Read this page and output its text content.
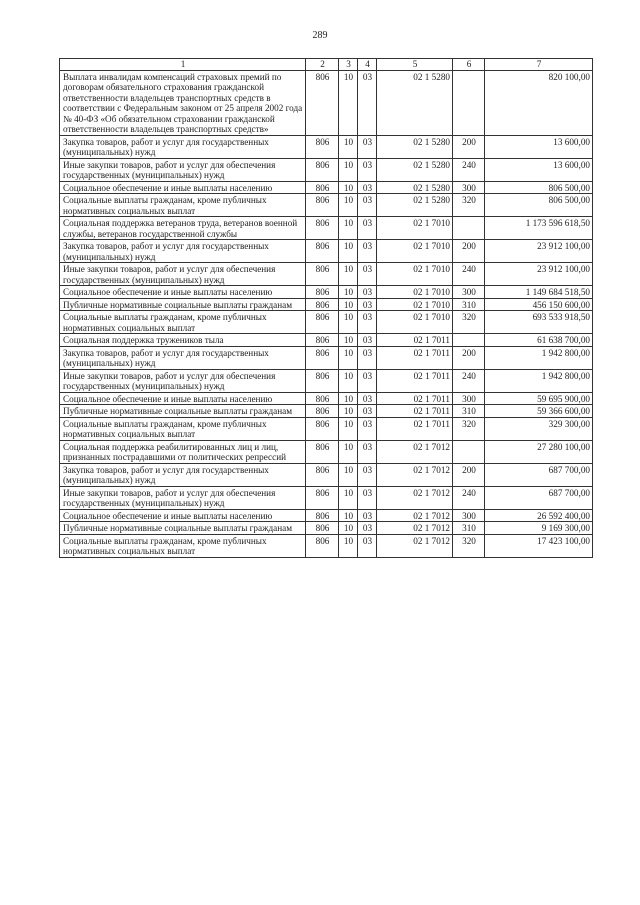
289
1	2	3	4	5	6	7
Выплата инвалидам компенсаций страховых премий по договорам обязательного страхования гражданской ответственности владельцев транспортных средств в соответствии с Федеральным законом от 25 апреля 2002 года № 40-ФЗ «Об обязательном страховании гражданской ответственности владельцев транспортных средств»	806	10	03	02 1 5280		820 100,00
Закупка товаров, работ и услуг для государственных (муниципальных) нужд	806	10	03	02 1 5280	200	13 600,00
Иные закупки товаров, работ и услуг для обеспечения государственных (муниципальных) нужд	806	10	03	02 1 5280	240	13 600,00
Социальное обеспечение и иные выплаты населению	806	10	03	02 1 5280	300	806 500,00
Социальные выплаты гражданам, кроме публичных нормативных социальных выплат	806	10	03	02 1 5280	320	806 500,00
Социальная поддержка ветеранов труда, ветеранов военной службы, ветеранов государственной службы	806	10	03	02 1 7010		1 173 596 618,50
Закупка товаров, работ и услуг для государственных (муниципальных) нужд	806	10	03	02 1 7010	200	23 912 100,00
Иные закупки товаров, работ и услуг для обеспечения государственных (муниципальных) нужд	806	10	03	02 1 7010	240	23 912 100,00
Социальное обеспечение и иные выплаты населению	806	10	03	02 1 7010	300	1 149 684 518,50
Публичные нормативные социальные выплаты гражданам	806	10	03	02 1 7010	310	456 150 600,00
Социальные выплаты гражданам, кроме публичных нормативных социальных выплат	806	10	03	02 1 7010	320	693 533 918,50
Социальная поддержка тружеников тыла	806	10	03	02 1 7011		61 638 700,00
Закупка товаров, работ и услуг для государственных (муниципальных) нужд	806	10	03	02 1 7011	200	1 942 800,00
Иные закупки товаров, работ и услуг для обеспечения государственных (муниципальных) нужд	806	10	03	02 1 7011	240	1 942 800,00
Социальное обеспечение и иные выплаты населению	806	10	03	02 1 7011	300	59 695 900,00
Публичные нормативные социальные выплаты гражданам	806	10	03	02 1 7011	310	59 366 600,00
Социальные выплаты гражданам, кроме публичных нормативных социальных выплат	806	10	03	02 1 7011	320	329 300,00
Социальная поддержка реабилитированных лиц и лиц, признанных пострадавшими от политических репрессий	806	10	03	02 1 7012		27 280 100,00
Закупка товаров, работ и услуг для государственных (муниципальных) нужд	806	10	03	02 1 7012	200	687 700,00
Иные закупки товаров, работ и услуг для обеспечения государственных (муниципальных) нужд	806	10	03	02 1 7012	240	687 700,00
Социальное обеспечение и иные выплаты населению	806	10	03	02 1 7012	300	26 592 400,00
Публичные нормативные социальные выплаты гражданам	806	10	03	02 1 7012	310	9 169 300,00
Социальные выплаты гражданам, кроме публичных нормативных социальных выплат	806	10	03	02 1 7012	320	17 423 100,00
